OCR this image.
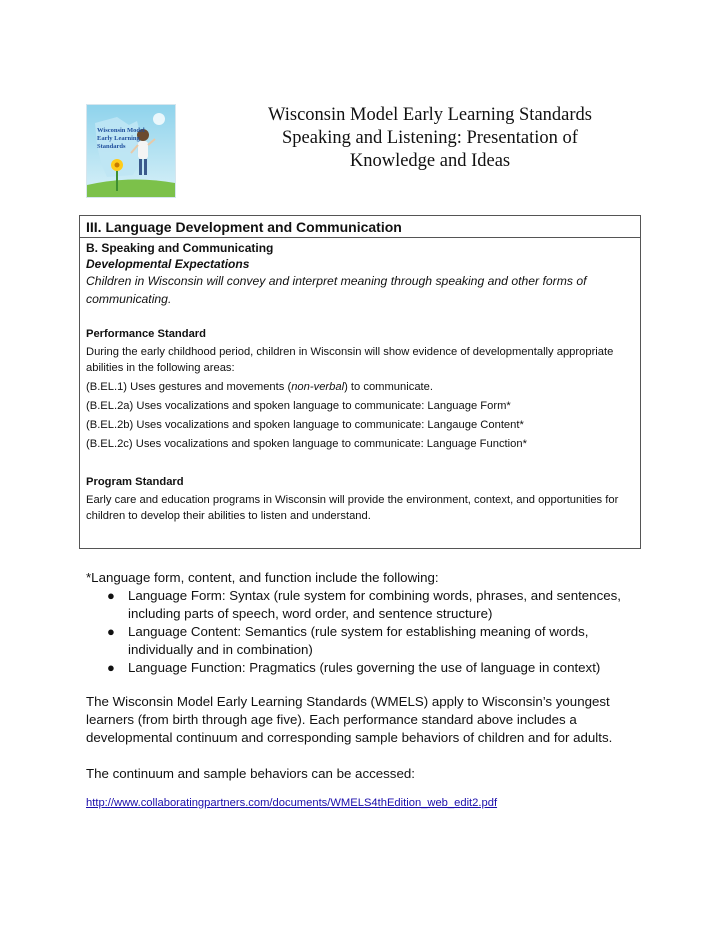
Wisconsin Model
Early Learning
Standards
Wisconsin Model Early Learning Standards
Speaking and Listening: Presentation of
Knowledge and Ideas
III. Language Development and Communication
B. Speaking and Communicating
Developmental Expectations
Children in Wisconsin will convey and interpret meaning through speaking and other forms of communicating.
Performance Standard
During the early childhood period, children in Wisconsin will show evidence of developmentally appropriate abilities in the following areas:
(B.EL.1) Uses gestures and movements (non-verbal) to communicate.
(B.EL.2a) Uses vocalizations and spoken language to communicate: Language Form*
(B.EL.2b) Uses vocalizations and spoken language to communicate: Langauge Content*
(B.EL.2c) Uses vocalizations and spoken language to communicate: Language Function*
Program Standard
Early care and education programs in Wisconsin will provide the environment, context, and opportunities for children to develop their abilities to listen and understand.
*Language form, content, and function include the following:
● Language Form: Syntax (rule system for combining words, phrases, and sentences, including parts of speech, word order, and sentence structure)
● Language Content: Semantics (rule system for establishing meaning of words, individually and in combination)
● Language Function: Pragmatics (rules governing the use of language in context)
The Wisconsin Model Early Learning Standards (WMELS) apply to Wisconsin’s youngest learners (from birth through age five). Each performance standard above includes a developmental continuum and corresponding sample behaviors of children and for adults.
The continuum and sample behaviors can be accessed:
http://www.collaboratingpartners.com/documents/WMELS4thEdition_web_edit2.pdf
